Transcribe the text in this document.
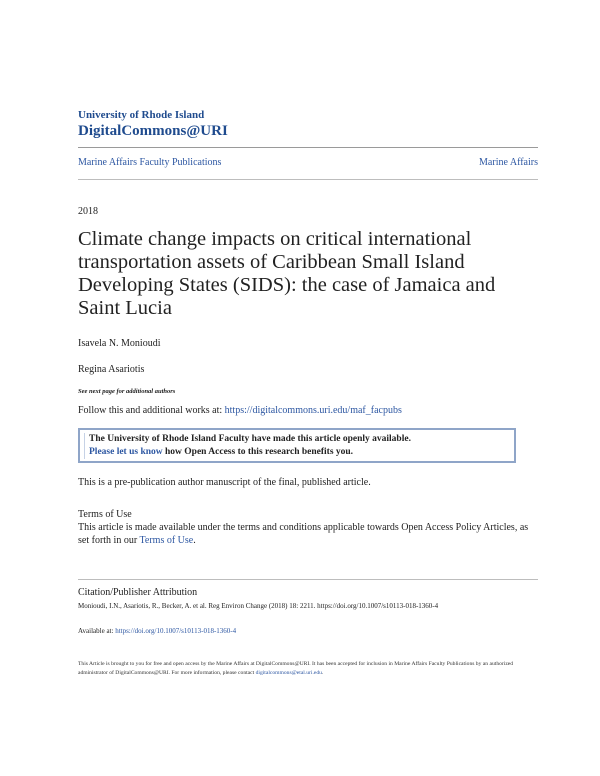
University of Rhode Island
DigitalCommons@URI
Marine Affairs Faculty Publications	Marine Affairs
2018
Climate change impacts on critical international transportation assets of Caribbean Small Island Developing States (SIDS): the case of Jamaica and Saint Lucia
Isavela N. Monioudi
Regina Asariotis
See next page for additional authors
Follow this and additional works at: https://digitalcommons.uri.edu/maf_facpubs
The University of Rhode Island Faculty have made this article openly available.
Please let us know how Open Access to this research benefits you.
This is a pre-publication author manuscript of the final, published article.
Terms of Use
This article is made available under the terms and conditions applicable towards Open Access Policy Articles, as set forth in our Terms of Use.
Citation/Publisher Attribution
Monioudi, I.N., Asariotis, R., Becker, A. et al. Reg Environ Change (2018) 18: 2211. https://doi.org/10.1007/s10113-018-1360-4
Available at: https://doi.org/10.1007/s10113-018-1360-4
This Article is brought to you for free and open access by the Marine Affairs at DigitalCommons@URI. It has been accepted for inclusion in Marine Affairs Faculty Publications by an authorized administrator of DigitalCommons@URI. For more information, please contact digitalcommons@etal.uri.edu.
